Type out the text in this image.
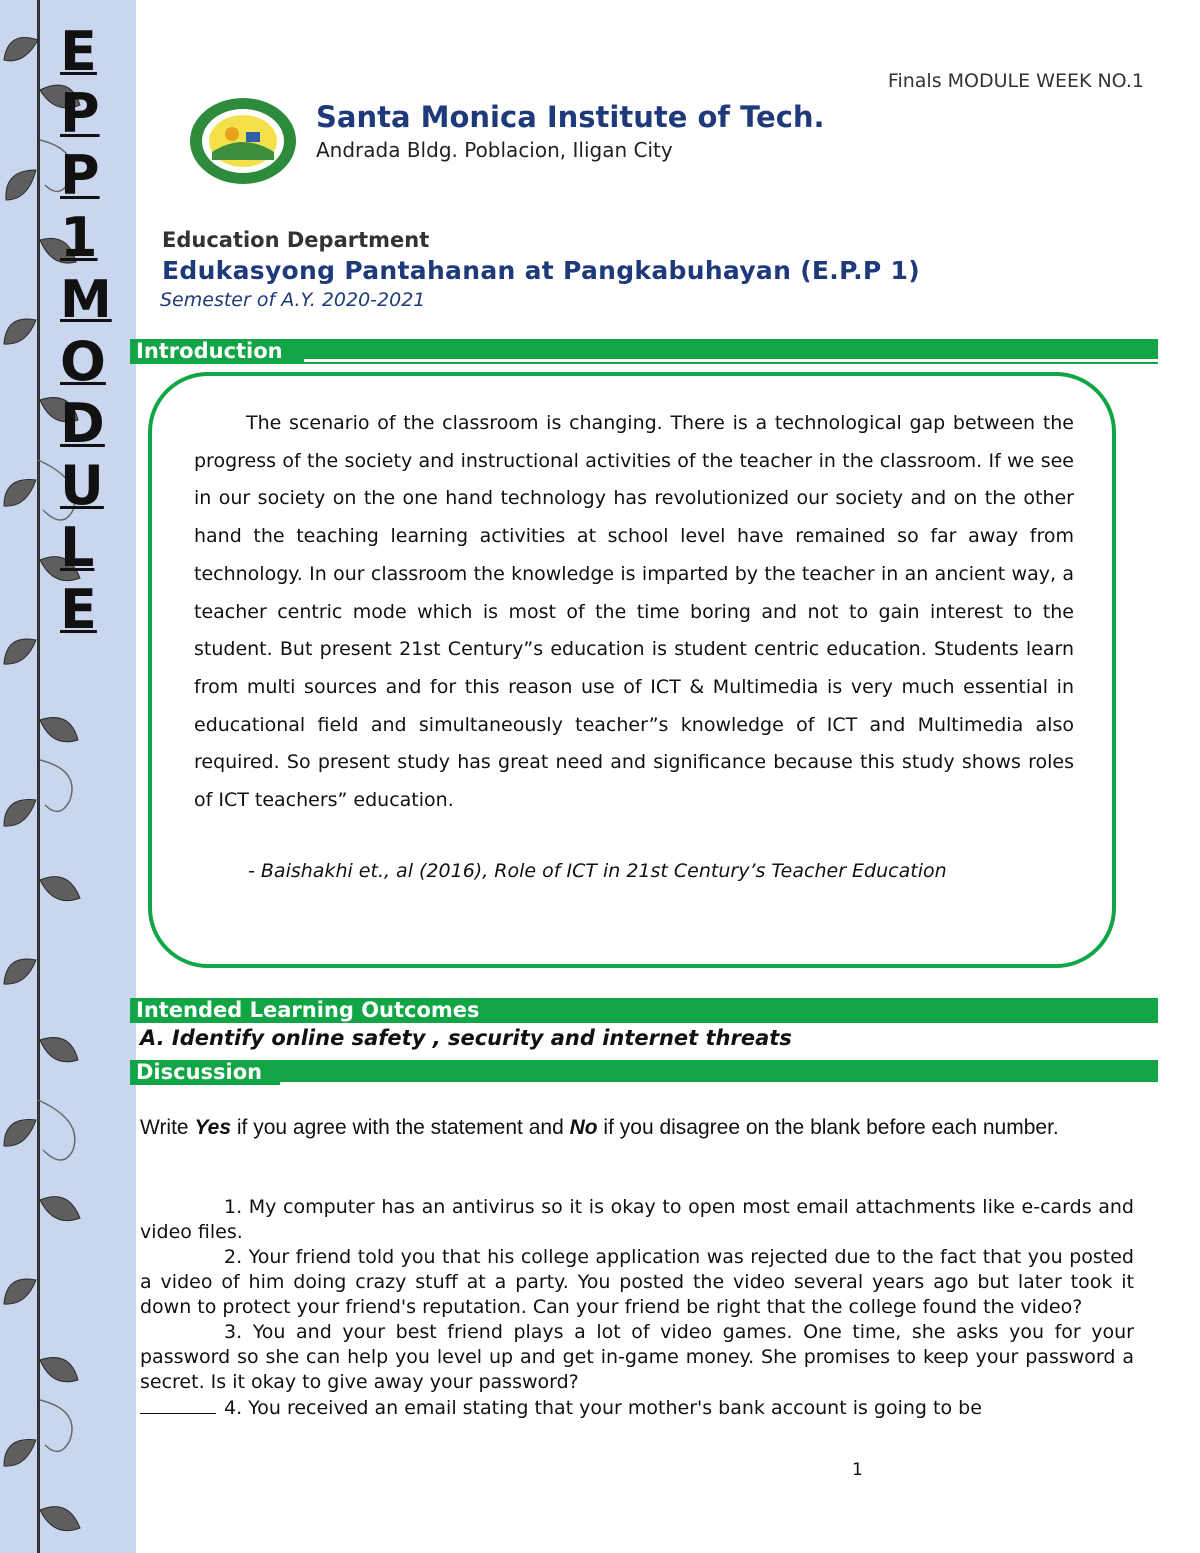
E
P
P
1
M
O
D
U
L
E
Finals MODULE WEEK NO.1
Santa Monica Institute of Tech.
Andrada Bldg. Poblacion, Iligan City
Education Department
Edukasyong Pantahanan at Pangkabuhayan (E.P.P 1)
Semester of A.Y. 2020-2021
Introduction
The scenario of the classroom is changing. There is a technological gap between the progress of the society and instructional activities of the teacher in the classroom. If we see in our society on the one hand technology has revolutionized our society and on the other hand the teaching learning activities at school level have remained so far away from technology. In our classroom the knowledge is imparted by the teacher in an ancient way, a teacher centric mode which is most of the time boring and not to gain interest to the student. But present 21st Century”s education is student centric education. Students learn from multi sources and for this reason use of ICT & Multimedia is very much essential in educational field and simultaneously teacher”s knowledge of ICT and Multimedia also required. So present study has great need and significance because this study shows roles of ICT teachers” education.
- Baishakhi et., al (2016), Role of ICT in 21st Century’s Teacher Education
Intended Learning Outcomes
A. Identify online safety , security and internet threats
Discussion
Write Yes if you agree with the statement and No if you disagree on the blank before each number.

1. My computer has an antivirus so it is okay to open most email attachments like e-cards and video files.

2. Your friend told you that his college application was rejected due to the fact that you posted a video of him doing crazy stuff at a party. You posted the video several years ago but later took it down to protect your friend's reputation. Can your friend be right that the college found the video?

3. You and your best friend plays a lot of video games. One time, she asks you for your password so she can help you level up and get in-game money. She promises to keep your password a secret. Is it okay to give away your password?

4. You received an email stating that your mother's bank account is going to be

1
